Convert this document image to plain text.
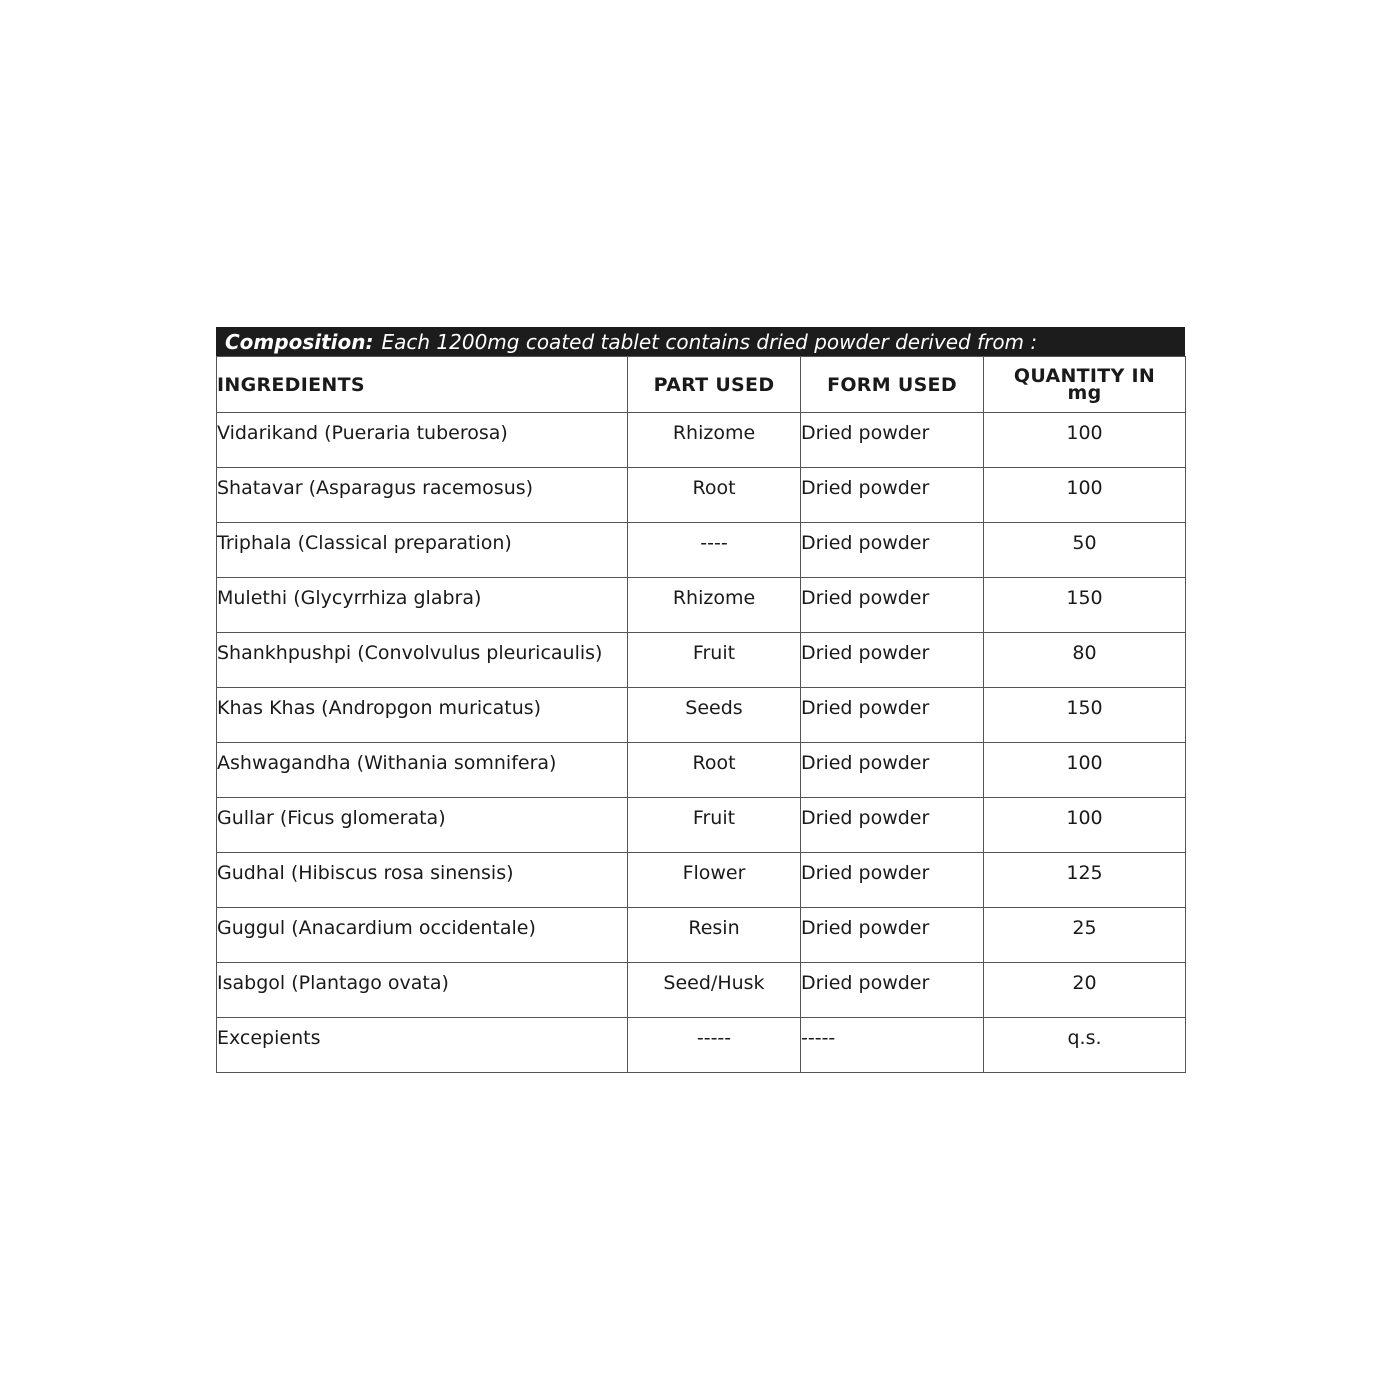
Composition: Each 1200mg coated tablet contains dried powder derived from :
INGREDIENTS	PART USED	FORM USED	QUANTITY IN
mg
Vidarikand (Pueraria tuberosa)	Rhizome	Dried powder	100
Shatavar (Asparagus racemosus)	Root	Dried powder	100
Triphala (Classical preparation)	----	Dried powder	50
Mulethi (Glycyrrhiza glabra)	Rhizome	Dried powder	150
Shankhpushpi (Convolvulus pleuricaulis)	Fruit	Dried powder	80
Khas Khas (Andropgon muricatus)	Seeds	Dried powder	150
Ashwagandha (Withania somnifera)	Root	Dried powder	100
Gullar (Ficus glomerata)	Fruit	Dried powder	100
Gudhal (Hibiscus rosa sinensis)	Flower	Dried powder	125
Guggul (Anacardium occidentale)	Resin	Dried powder	25
Isabgol (Plantago ovata)	Seed/Husk	Dried powder	20
Excepients	-----	-----	q.s.
